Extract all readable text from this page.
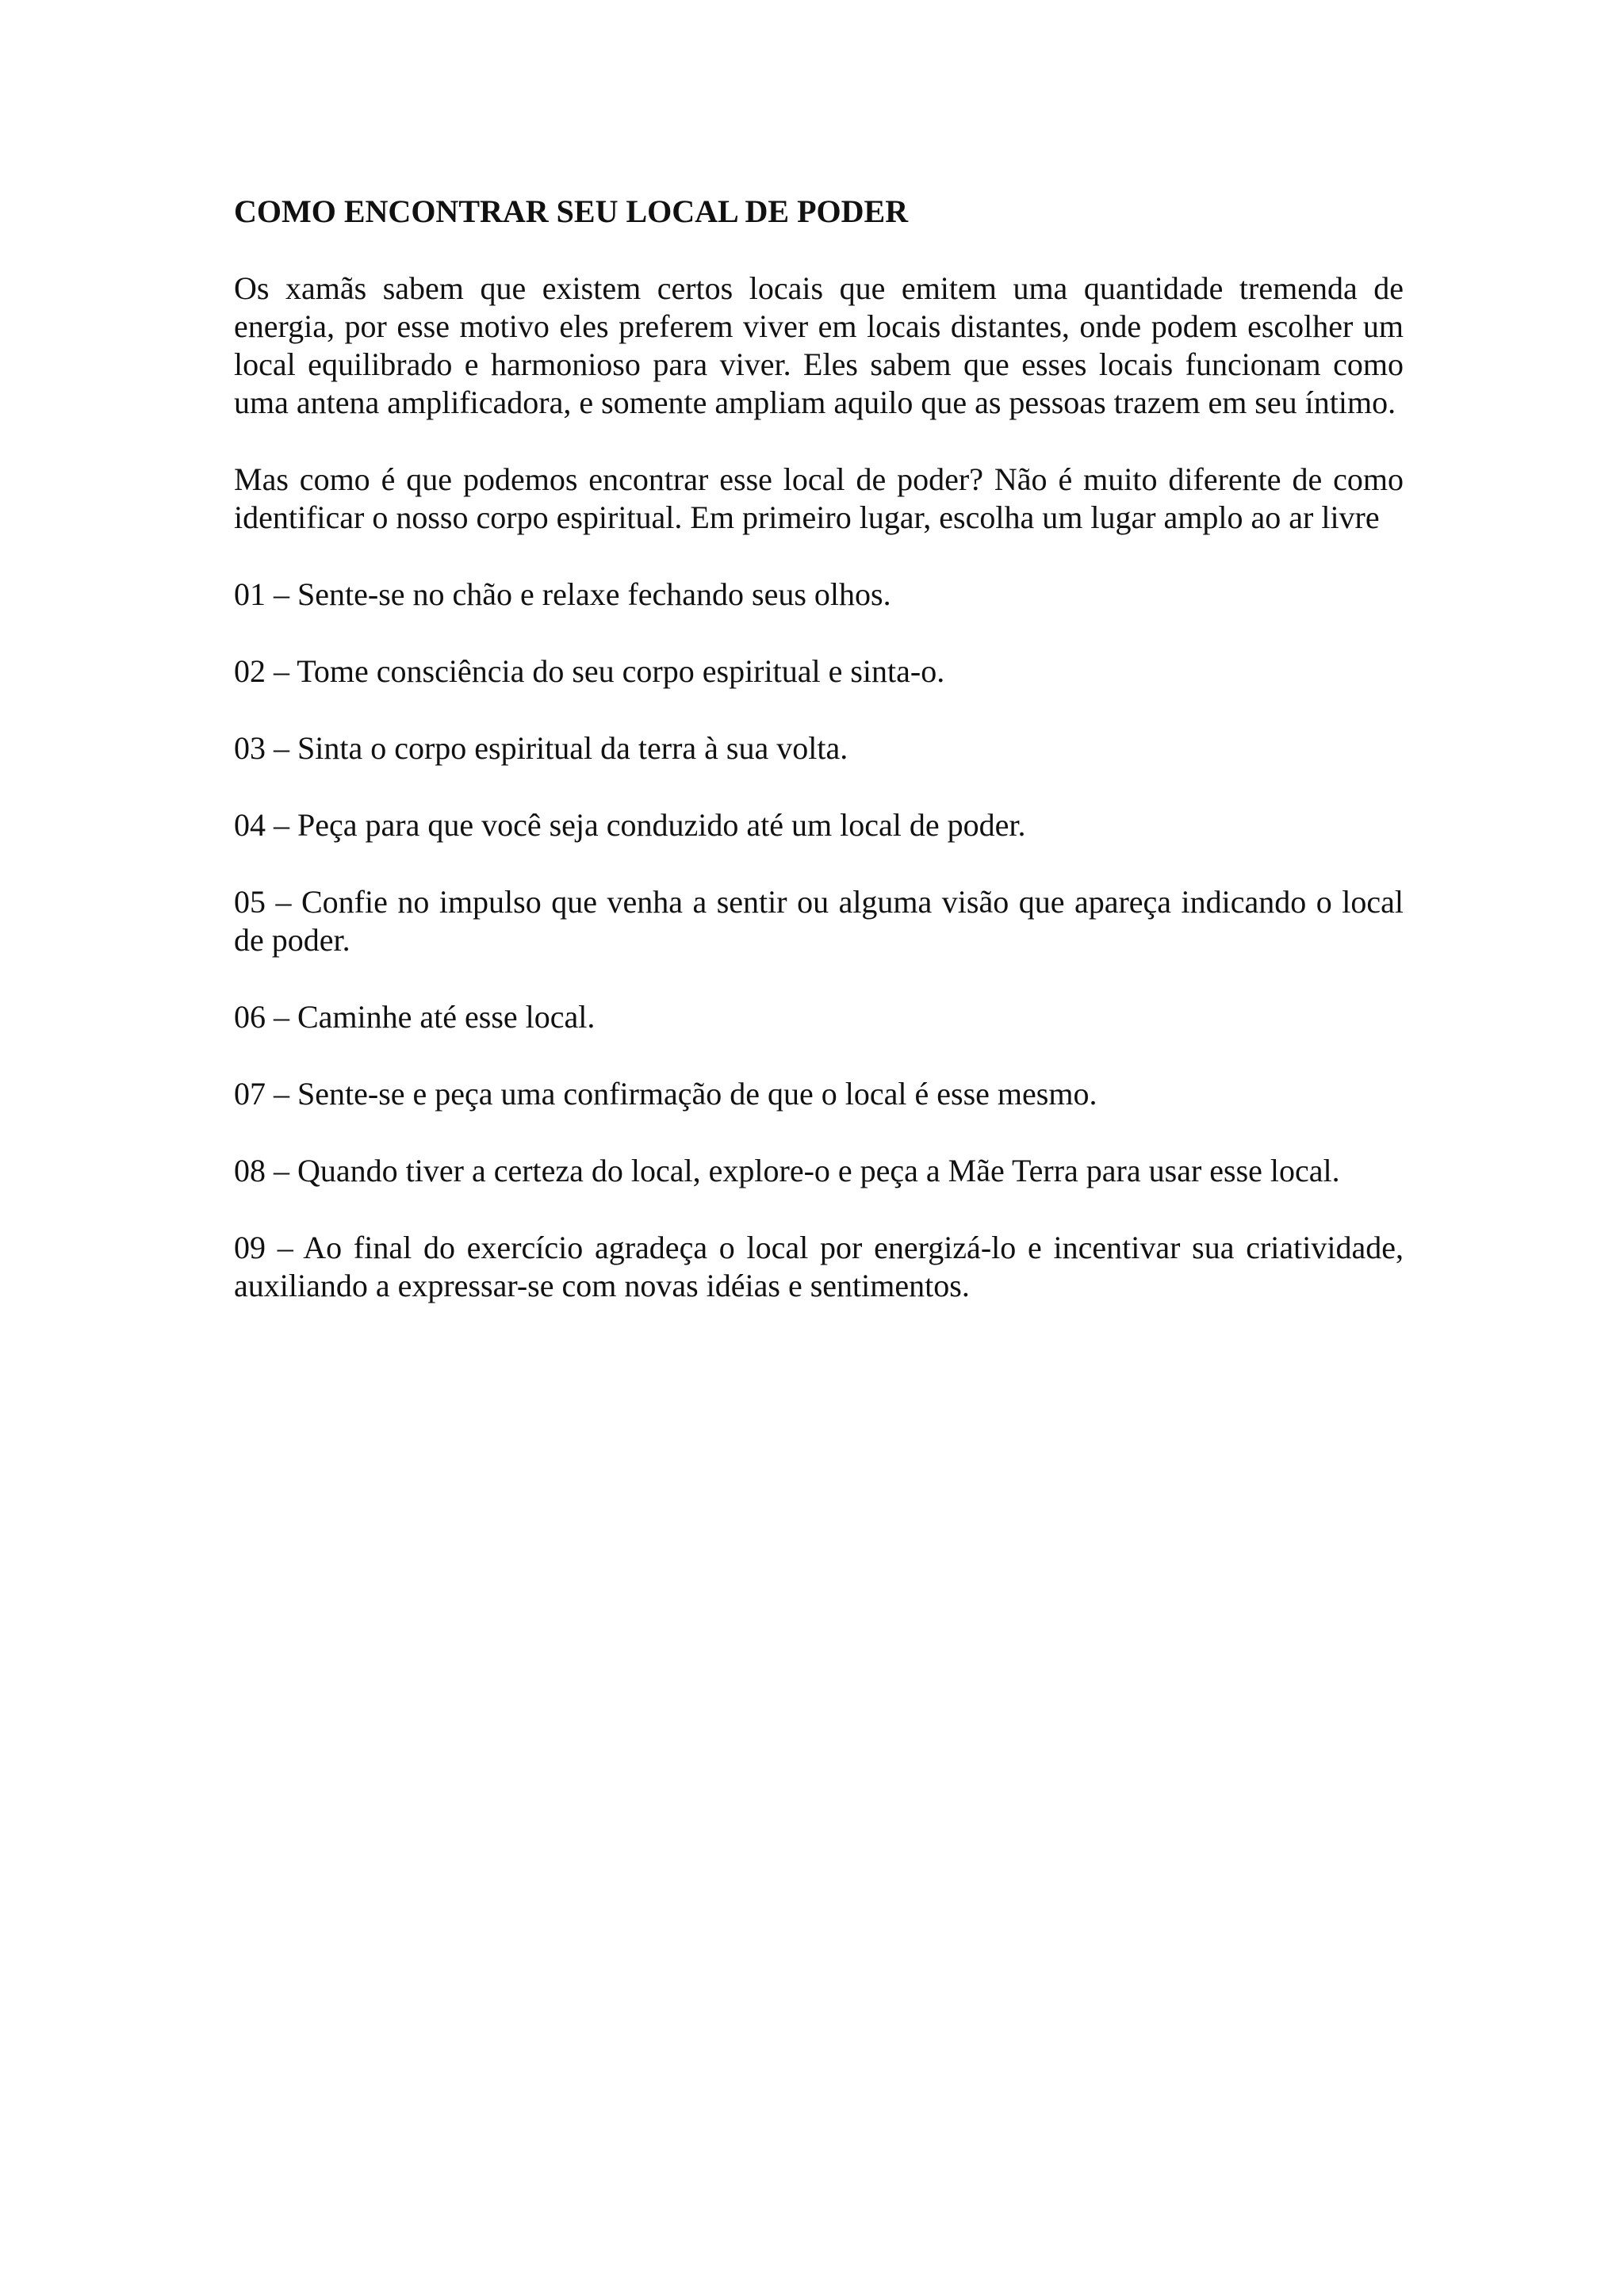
COMO ENCONTRAR SEU LOCAL DE PODER

Os xamãs sabem que existem certos locais que emitem uma quantidade tremenda de energia, por esse motivo eles preferem viver em locais distantes, onde podem escolher um local equilibrado e harmonioso para viver. Eles sabem que esses locais funcionam como uma antena amplificadora, e somente ampliam aquilo que as pessoas trazem em seu íntimo.

Mas como é que podemos encontrar esse local de poder? Não é muito diferente de como identificar o nosso corpo espiritual. Em primeiro lugar, escolha um lugar amplo ao ar livre

01 – Sente-se no chão e relaxe fechando seus olhos.

02 – Tome consciência do seu corpo espiritual e sinta-o.

03 – Sinta o corpo espiritual da terra à sua volta.

04 – Peça para que você seja conduzido até um local de poder.

05 – Confie no impulso que venha a sentir ou alguma visão que apareça indicando o local de poder.

06 – Caminhe até esse local.

07 – Sente-se e peça uma confirmação de que o local é esse mesmo.

08 – Quando tiver a certeza do local, explore-o e peça a Mãe Terra para usar esse local.

09 – Ao final do exercício agradeça o local por energizá-lo e incentivar sua criatividade, auxiliando a expressar-se com novas idéias e sentimentos.
